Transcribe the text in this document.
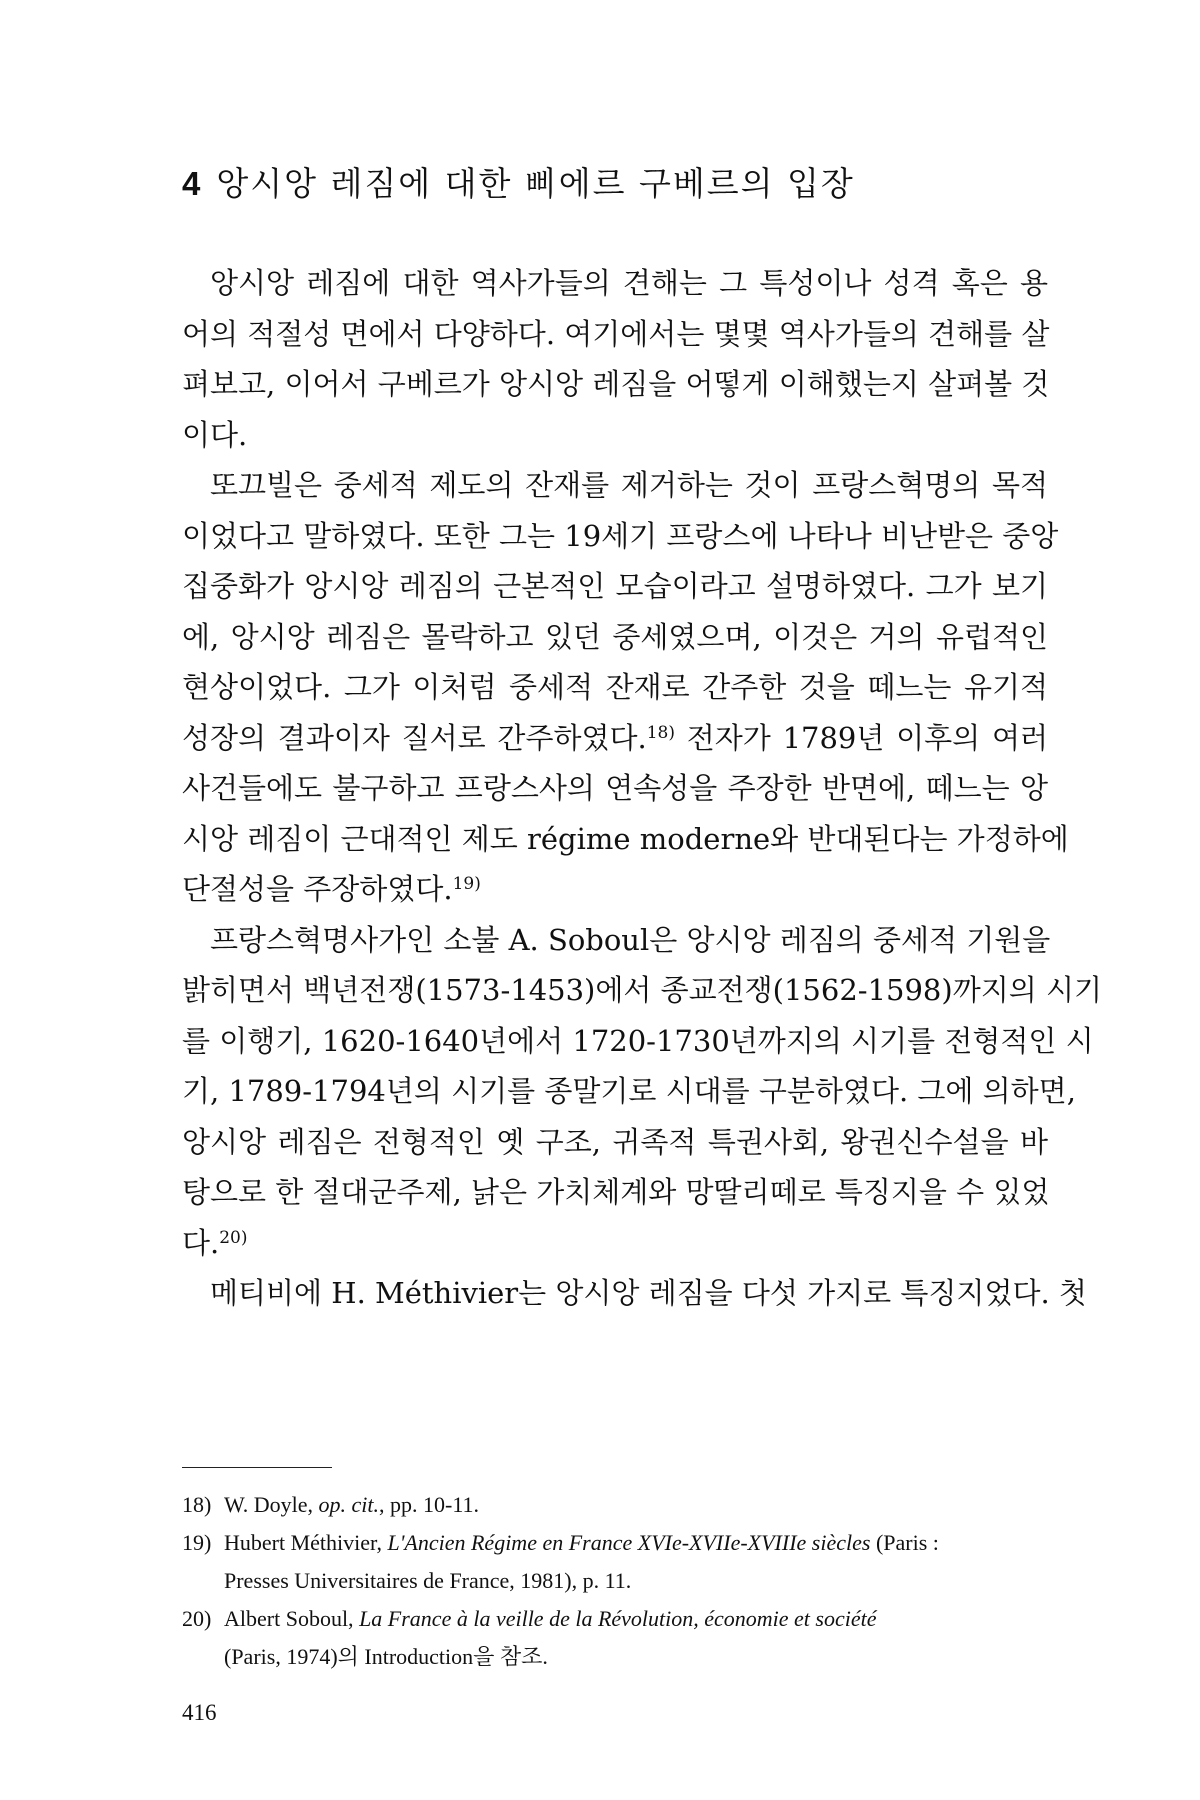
4 앙시앙 레짐에 대한 삐에르 구베르의 입장
앙시앙 레짐에 대한 역사가들의 견해는 그 특성이나 성격 혹은 용
어의 적절성 면에서 다양하다. 여기에서는 몇몇 역사가들의 견해를 살
펴보고, 이어서 구베르가 앙시앙 레짐을 어떻게 이해했는지 살펴볼 것
이다.
또끄빌은 중세적 제도의 잔재를 제거하는 것이 프랑스혁명의 목적
이었다고 말하였다. 또한 그는 19세기 프랑스에 나타나 비난받은 중앙
집중화가 앙시앙 레짐의 근본적인 모습이라고 설명하였다. 그가 보기
에, 앙시앙 레짐은 몰락하고 있던 중세였으며, 이것은 거의 유럽적인
현상이었다. 그가 이처럼 중세적 잔재로 간주한 것을 떼느는 유기적
성장의 결과이자 질서로 간주하였다.$^{18)}$ 전자가 1789년 이후의 여러
사건들에도 불구하고 프랑스사의 연속성을 주장한 반면에, 떼느는 앙
시앙 레짐이 근대적인 제도 régime moderne와 반대된다는 가정하에
단절성을 주장하였다.$^{19)}$
프랑스혁명사가인 소불 A. Soboul은 앙시앙 레짐의 중세적 기원을
밝히면서 백년전쟁(1573-1453)에서 종교전쟁(1562-1598)까지의 시기
를 이행기, 1620-1640년에서 1720-1730년까지의 시기를 전형적인 시
기, 1789-1794년의 시기를 종말기로 시대를 구분하였다. 그에 의하면,
앙시앙 레짐은 전형적인 옛 구조, 귀족적 특권사회, 왕권신수설을 바
탕으로 한 절대군주제, 낡은 가치체계와 망딸리떼로 특징지을 수 있었
다.$^{20)}$
메티비에 H. Méthivier는 앙시앙 레짐을 다섯 가지로 특징지었다. 첫
18) W. Doyle, op. cit., pp. 10-11.
19) Hubert Méthivier, L'Ancien Régime en France XVIe-XVIIe-XVIIIe siècles (Paris :
Presses Universitaires de France, 1981), p. 11.
20) Albert Soboul, La France à la veille de la Révolution, économie et société
(Paris, 1974)의 Introduction을 참조.
416
